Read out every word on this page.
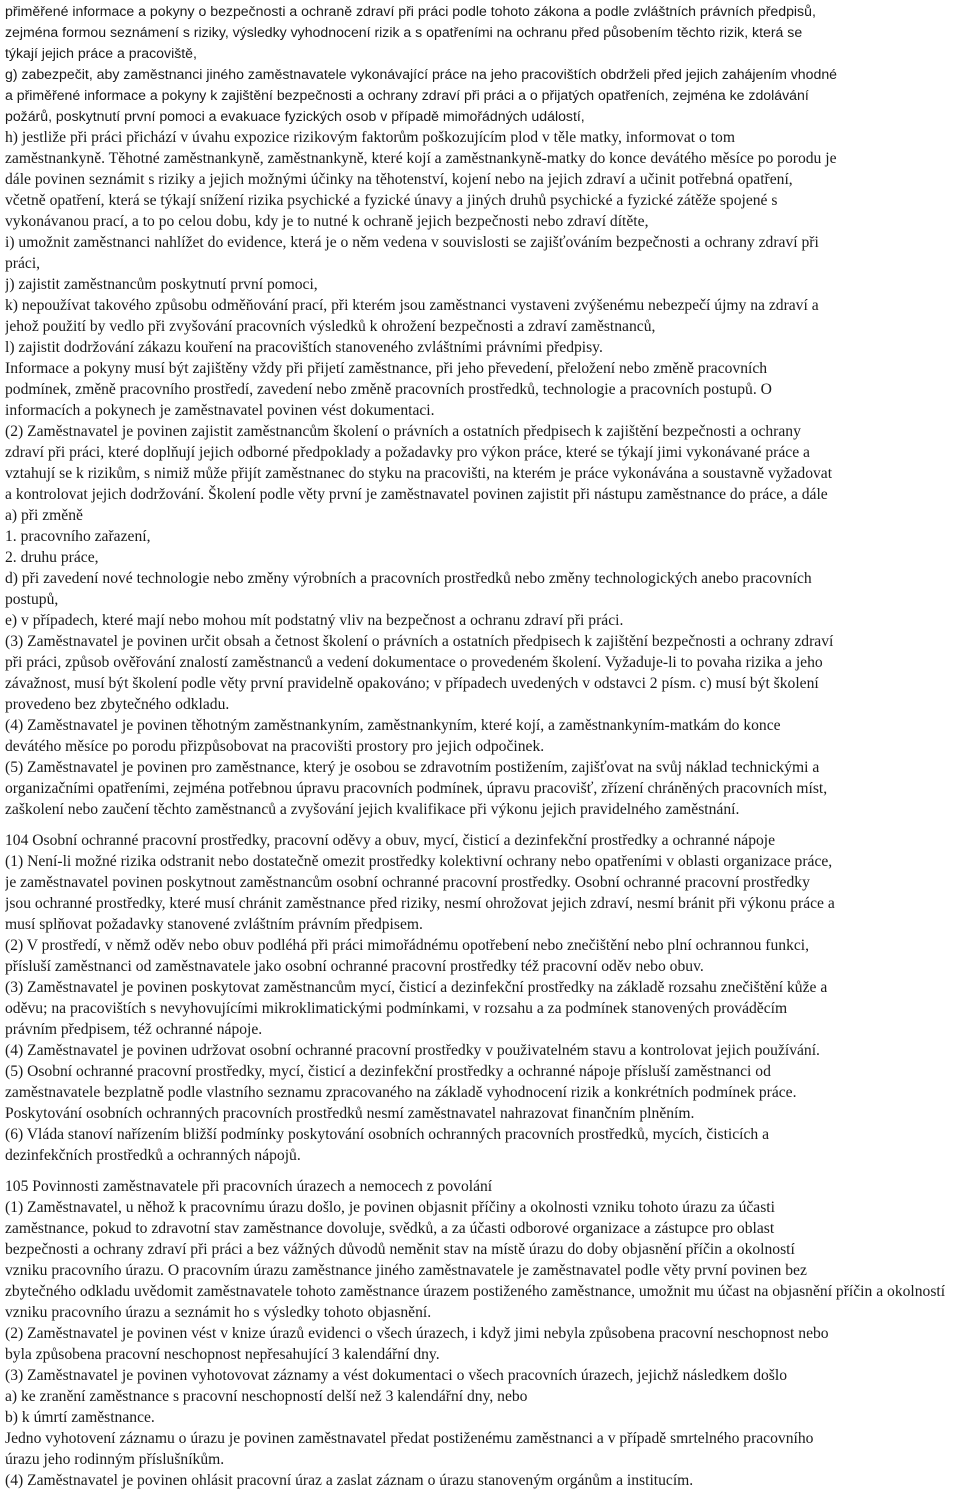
přiměřené informace a pokyny o bezpečnosti a ochraně zdraví při práci podle tohoto zákona a podle zvláštních právních předpisů,
zejména formou seznámení s riziky, výsledky vyhodnocení rizik a s opatřeními na ochranu před působením těchto rizik, která se
týkají jejich práce a pracoviště,
g) zabezpečit, aby zaměstnanci jiného zaměstnavatele vykonávající práce na jeho pracovištích obdrželi před jejich zahájením vhodné
a přiměřené informace a pokyny k zajištění bezpečnosti a ochrany zdraví při práci a o přijatých opatřeních, zejména ke zdolávání
požárů, poskytnutí první pomoci a evakuace fyzických osob v případě mimořádných událostí,
h) jestliže při práci přichází v úvahu expozice rizikovým faktorům poškozujícím plod v těle matky, informovat o tom
zaměstnankyně. Těhotné zaměstnankyně, zaměstnankyně, které kojí a zaměstnankyně-matky do konce devátého měsíce po porodu je
dále povinen seznámit s riziky a jejich možnými účinky na těhotenství, kojení nebo na jejich zdraví a učinit potřebná opatření,
včetně opatření, která se týkají snížení rizika psychické a fyzické únavy a jiných druhů psychické a fyzické zátěže spojené s
vykonávanou prací, a to po celou dobu, kdy je to nutné k ochraně jejich bezpečnosti nebo zdraví dítěte,
i) umožnit zaměstnanci nahlížet do evidence, která je o něm vedena v souvislosti se zajišťováním bezpečnosti a ochrany zdraví při
práci,
j) zajistit zaměstnancům poskytnutí první pomoci,
k) nepoužívat takového způsobu odměňování prací, při kterém jsou zaměstnanci vystaveni zvýšenému nebezpečí újmy na zdraví a
jehož použití by vedlo při zvyšování pracovních výsledků k ohrožení bezpečnosti a zdraví zaměstnanců,
l) zajistit dodržování zákazu kouření na pracovištích stanoveného zvláštními právními předpisy.
Informace a pokyny musí být zajištěny vždy při přijetí zaměstnance, při jeho převedení, přeložení nebo změně pracovních
podmínek, změně pracovního prostředí, zavedení nebo změně pracovních prostředků, technologie a pracovních postupů. O
informacích a pokynech je zaměstnavatel povinen vést dokumentaci.
(2) Zaměstnavatel je povinen zajistit zaměstnancům školení o právních a ostatních předpisech k zajištění bezpečnosti a ochrany
zdraví při práci, které doplňují jejich odborné předpoklady a požadavky pro výkon práce, které se týkají jimi vykonávané práce a
vztahují se k rizikům, s nimiž může přijít zaměstnanec do styku na pracovišti, na kterém je práce vykonávána a soustavně vyžadovat
a kontrolovat jejich dodržování. Školení podle věty první je zaměstnavatel povinen zajistit při nástupu zaměstnance do práce, a dále
a) při změně
1. pracovního zařazení,
2. druhu práce,
d) při zavedení nové technologie nebo změny výrobních a pracovních prostředků nebo změny technologických anebo pracovních
postupů,
e) v případech, které mají nebo mohou mít podstatný vliv na bezpečnost a ochranu zdraví při práci.
(3) Zaměstnavatel je povinen určit obsah a četnost školení o právních a ostatních předpisech k zajištění bezpečnosti a ochrany zdraví
při práci, způsob ověřování znalostí zaměstnanců a vedení dokumentace o provedeném školení. Vyžaduje-li to povaha rizika a jeho
závažnost, musí být školení podle věty první pravidelně opakováno; v případech uvedených v odstavci 2 písm. c) musí být školení
provedeno bez zbytečného odkladu.
(4) Zaměstnavatel je povinen těhotným zaměstnankyním, zaměstnankyním, které kojí, a zaměstnankyním-matkám do konce
devátého měsíce po porodu přizpůsobovat na pracovišti prostory pro jejich odpočinek.
(5) Zaměstnavatel je povinen pro zaměstnance, který je osobou se zdravotním postižením, zajišťovat na svůj náklad technickými a
organizačními opatřeními, zejména potřebnou úpravu pracovních podmínek, úpravu pracovišť, zřízení chráněných pracovních míst,
zaškolení nebo zaučení těchto zaměstnanců a zvyšování jejich kvalifikace při výkonu jejich pravidelného zaměstnání.
104 Osobní ochranné pracovní prostředky, pracovní oděvy a obuv, mycí, čisticí a dezinfekční prostředky a ochranné nápoje
(1) Není-li možné rizika odstranit nebo dostatečně omezit prostředky kolektivní ochrany nebo opatřeními v oblasti organizace práce,
je zaměstnavatel povinen poskytnout zaměstnancům osobní ochranné pracovní prostředky. Osobní ochranné pracovní prostředky
jsou ochranné prostředky, které musí chránit zaměstnance před riziky, nesmí ohrožovat jejich zdraví, nesmí bránit při výkonu práce a
musí splňovat požadavky stanovené zvláštním právním předpisem.
(2) V prostředí, v němž oděv nebo obuv podléhá při práci mimořádnému opotřebení nebo znečištění nebo plní ochrannou funkci,
přísluší zaměstnanci od zaměstnavatele jako osobní ochranné pracovní prostředky též pracovní oděv nebo obuv.
(3) Zaměstnavatel je povinen poskytovat zaměstnancům mycí, čisticí a dezinfekční prostředky na základě rozsahu znečištění kůže a
oděvu; na pracovištích s nevyhovujícími mikroklimatickými podmínkami, v rozsahu a za podmínek stanovených prováděcím
právním předpisem, též ochranné nápoje.
(4) Zaměstnavatel je povinen udržovat osobní ochranné pracovní prostředky v použivatelném stavu a kontrolovat jejich používání.
(5) Osobní ochranné pracovní prostředky, mycí, čisticí a dezinfekční prostředky a ochranné nápoje přísluší zaměstnanci od
zaměstnavatele bezplatně podle vlastního seznamu zpracovaného na základě vyhodnocení rizik a konkrétních podmínek práce.
Poskytování osobních ochranných pracovních prostředků nesmí zaměstnavatel nahrazovat finančním plněním.
(6) Vláda stanoví nařízením bližší podmínky poskytování osobních ochranných pracovních prostředků, mycích, čisticích a
dezinfekčních prostředků a ochranných nápojů.
105 Povinnosti zaměstnavatele při pracovních úrazech a nemocech z povolání
(1) Zaměstnavatel, u něhož k pracovnímu úrazu došlo, je povinen objasnit příčiny a okolnosti vzniku tohoto úrazu za účasti
zaměstnance, pokud to zdravotní stav zaměstnance dovoluje, svědků, a za účasti odborové organizace a zástupce pro oblast
bezpečnosti a ochrany zdraví při práci a bez vážných důvodů neměnit stav na místě úrazu do doby objasnění příčin a okolností
vzniku pracovního úrazu. O pracovním úrazu zaměstnance jiného zaměstnavatele je zaměstnavatel podle věty první povinen bez
zbytečného odkladu uvědomit zaměstnavatele tohoto zaměstnance úrazem postiženého zaměstnance, umožnit mu účast na objasnění příčin a okolností
vzniku pracovního úrazu a seznámit ho s výsledky tohoto objasnění.
(2) Zaměstnavatel je povinen vést v knize úrazů evidenci o všech úrazech, i když jimi nebyla způsobena pracovní neschopnost nebo
byla způsobena pracovní neschopnost nepřesahující 3 kalendářní dny.
(3) Zaměstnavatel je povinen vyhotovovat záznamy a vést dokumentaci o všech pracovních úrazech, jejichž následkem došlo
a) ke zranění zaměstnance s pracovní neschopností delší než 3 kalendářní dny, nebo
b) k úmrtí zaměstnance.
Jedno vyhotovení záznamu o úrazu je povinen zaměstnavatel předat postiženému zaměstnanci a v případě smrtelného pracovního
úrazu jeho rodinným příslušníkům.
(4) Zaměstnavatel je povinen ohlásit pracovní úraz a zaslat záznam o úrazu stanoveným orgánům a institucím.
